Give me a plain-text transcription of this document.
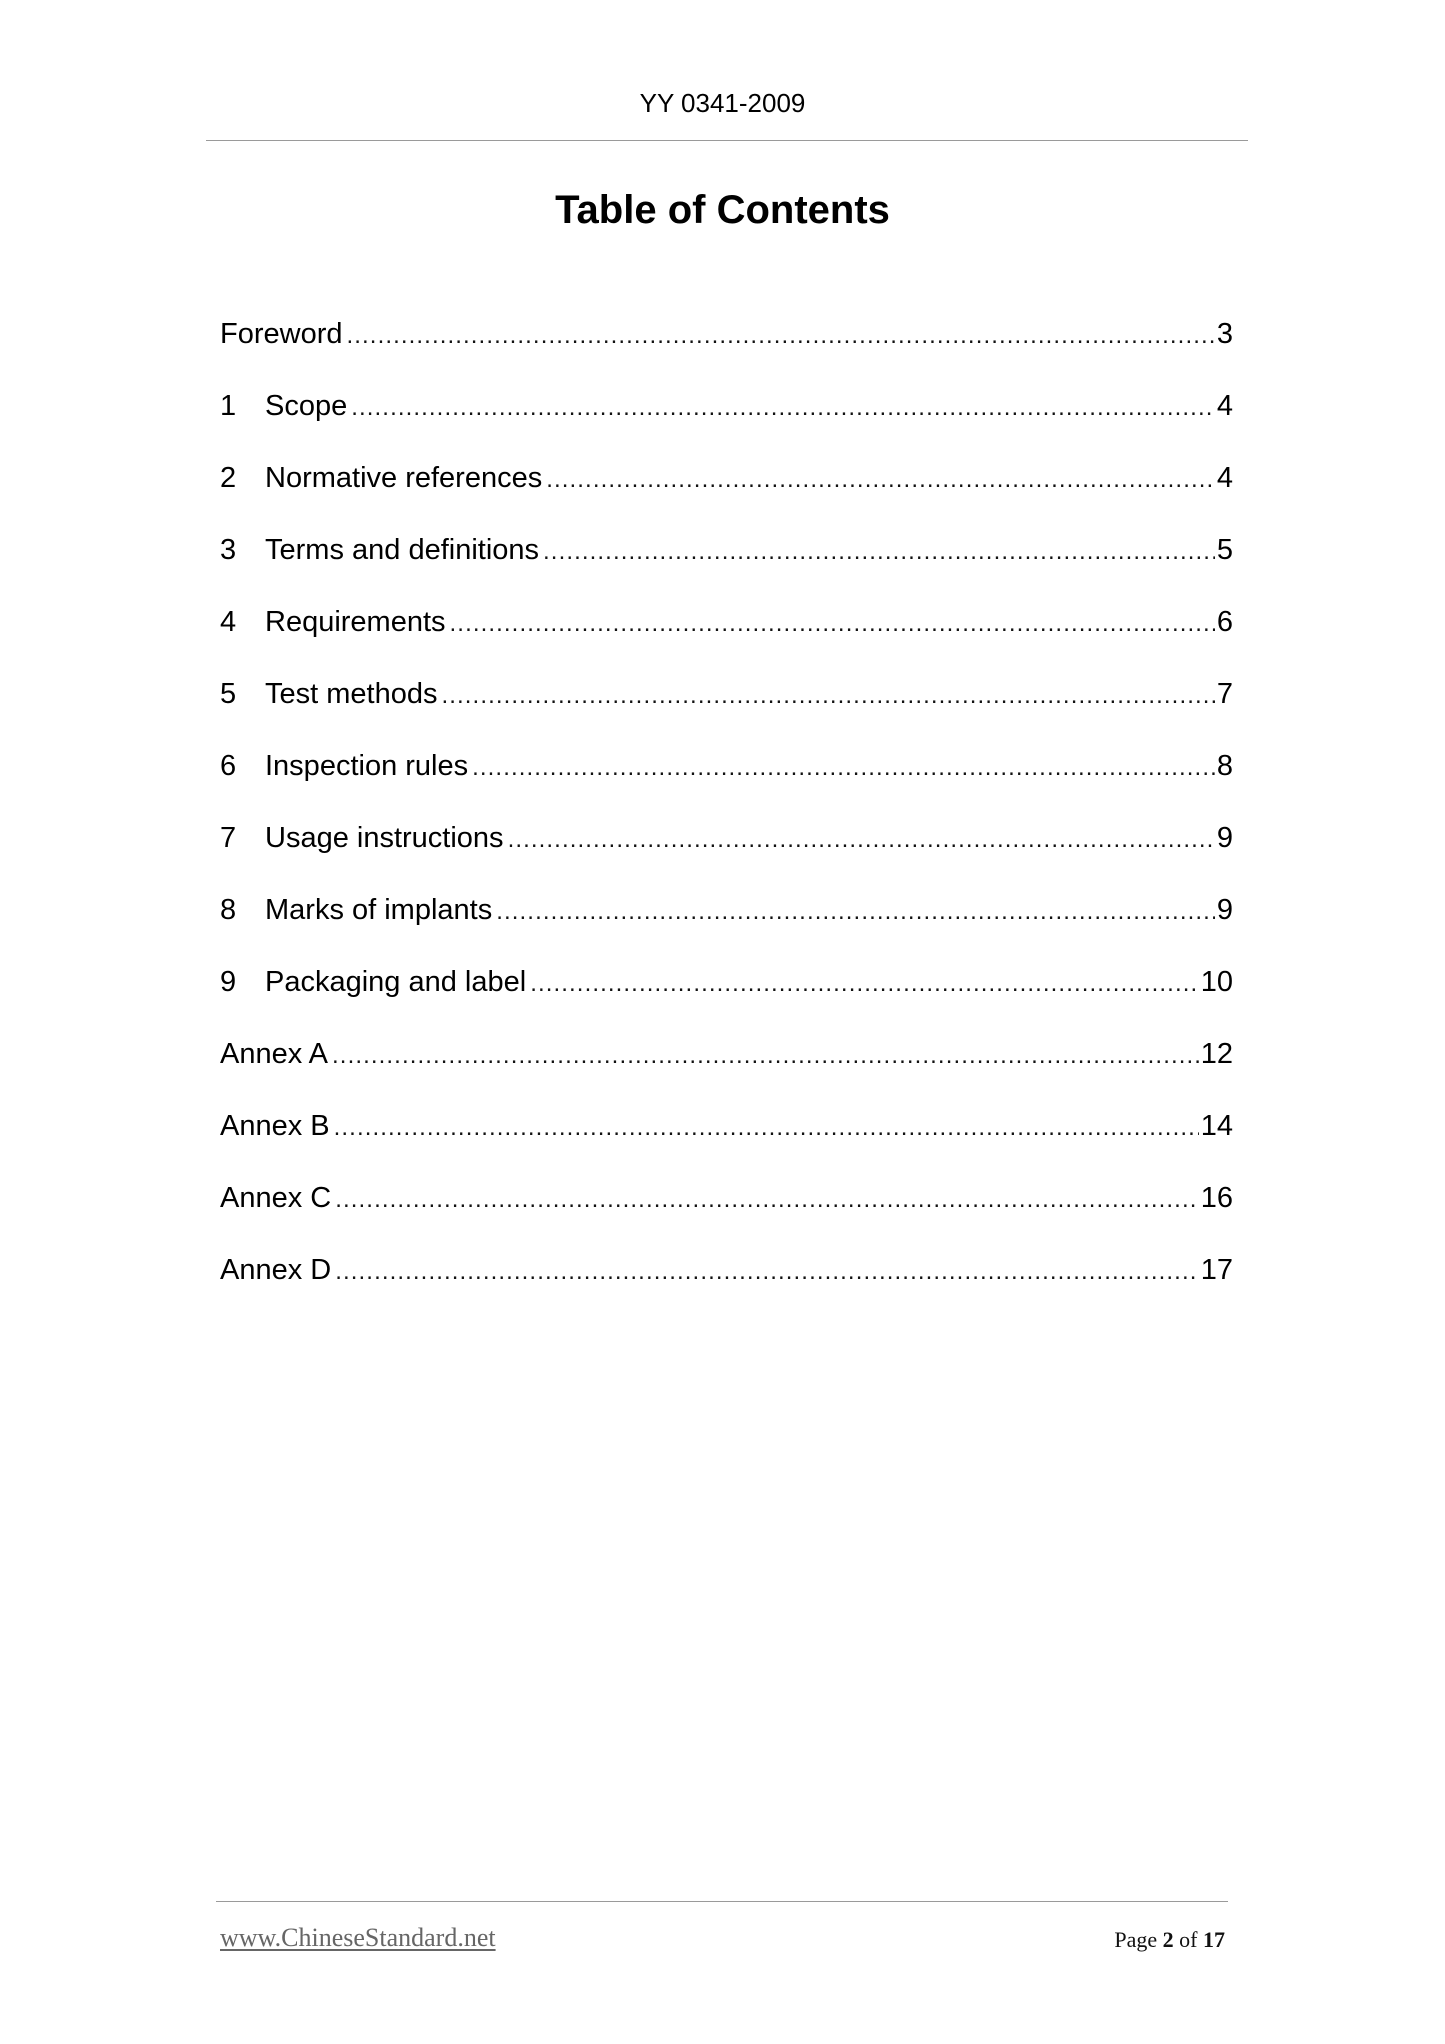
YY 0341-2009
Table of Contents
Foreword .....	3
1 Scope .....	4
2 Normative references .....	4
3 Terms and definitions .....	5
4 Requirements .....	6
5 Test methods .....	7
6 Inspection rules .....	8
7 Usage instructions .....	9
8 Marks of implants .....	9
9 Packaging and label .....	10
Annex A .....	12
Annex B .....	14
Annex C .....	16
Annex D .....	17
www.ChineseStandard.net	Page 2 of 17
